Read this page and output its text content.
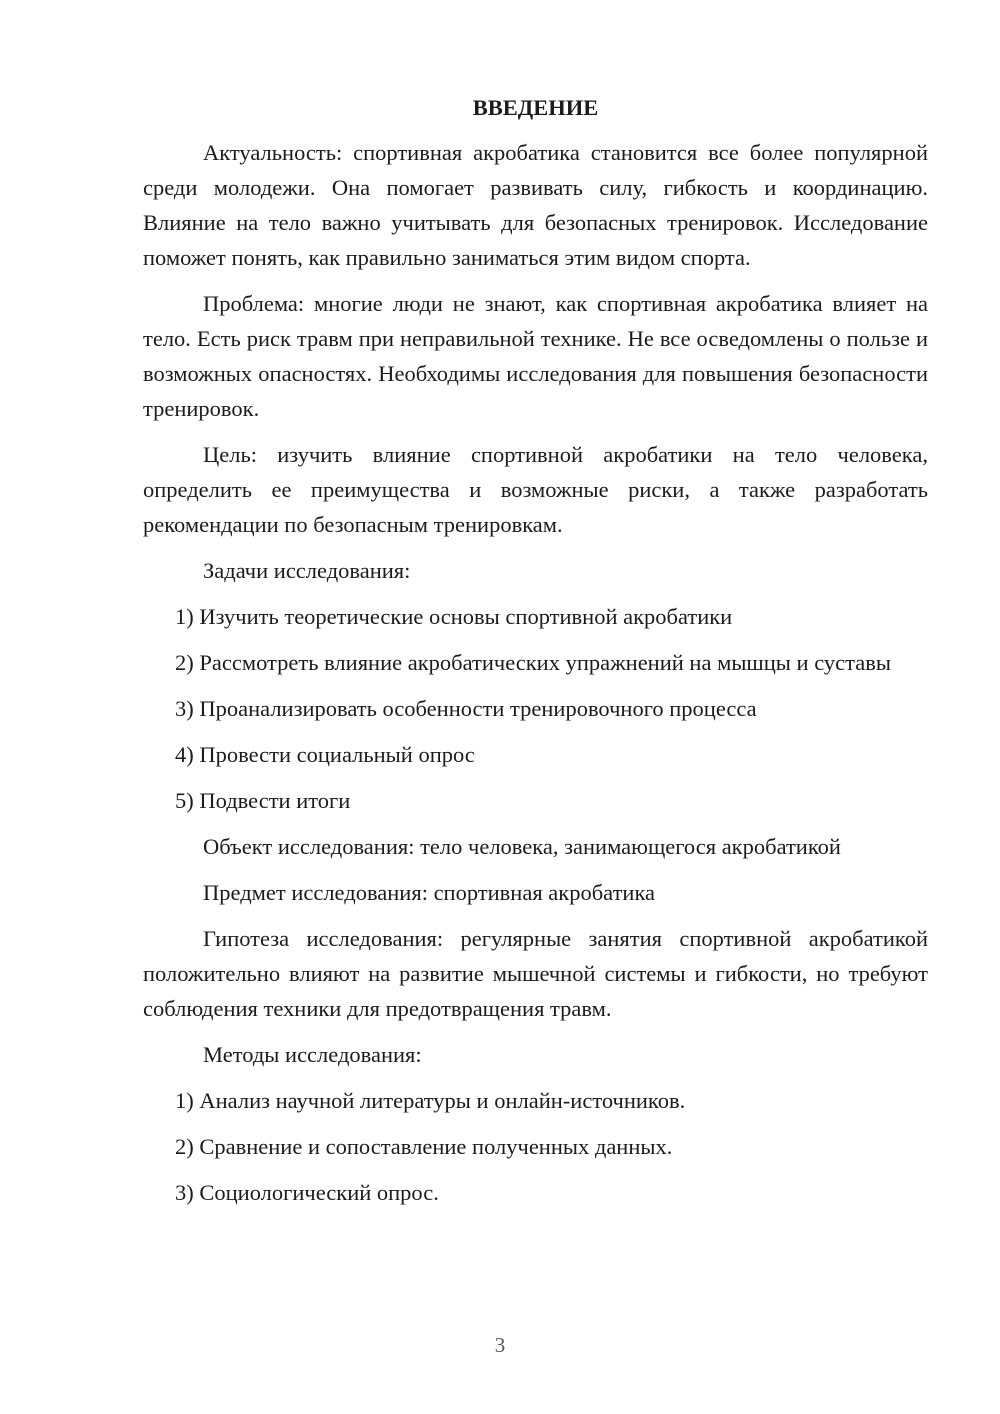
ВВЕДЕНИЕ

Актуальность: спортивная акробатика становится все более популярной среди молодежи. Она помогает развивать силу, гибкость и координацию. Влияние на тело важно учитывать для безопасных тренировок. Исследование поможет понять, как правильно заниматься этим видом спорта.

Проблема: многие люди не знают, как спортивная акробатика влияет на тело. Есть риск травм при неправильной технике. Не все осведомлены о пользе и возможных опасностях. Необходимы исследования для повышения безопасности тренировок.

Цель: изучить влияние спортивной акробатики на тело человека, определить ее преимущества и возможные риски, а также разработать рекомендации по безопасным тренировкам.

Задачи исследования:

1) Изучить теоретические основы спортивной акробатики

2) Рассмотреть влияние акробатических упражнений на мышцы и суставы

3) Проанализировать особенности тренировочного процесса

4) Провести социальный опрос

5) Подвести итоги

Объект исследования: тело человека, занимающегося акробатикой

Предмет исследования: спортивная акробатика

Гипотеза исследования: регулярные занятия спортивной акробатикой положительно влияют на развитие мышечной системы и гибкости, но требуют соблюдения техники для предотвращения травм.

Методы исследования:

1) Анализ научной литературы и онлайн-источников.

2) Сравнение и сопоставление полученных данных.

3) Социологический опрос.

3
